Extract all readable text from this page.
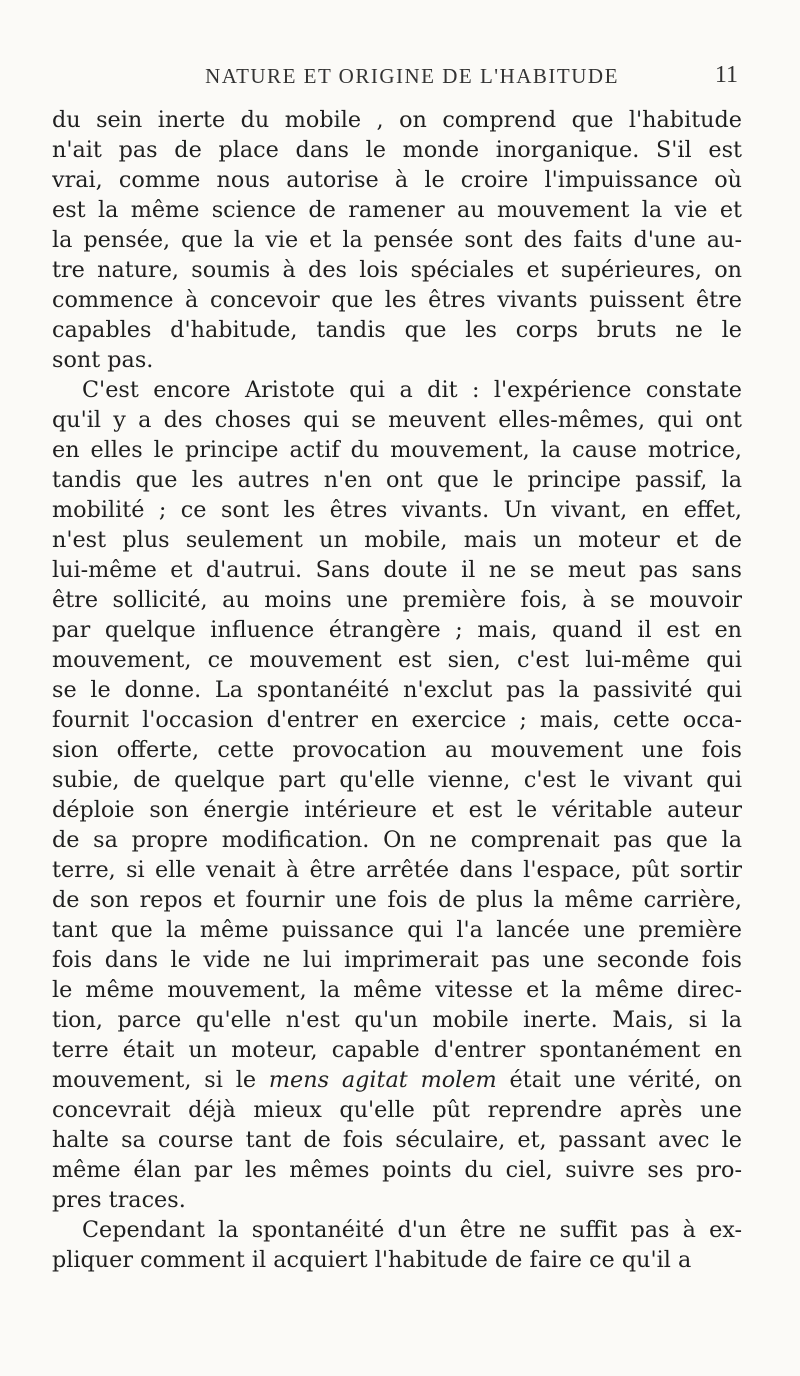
NATURE ET ORIGINE DE L'HABITUDE	11
du sein inerte du mobile , on comprend que l'habitude
n'ait pas de place dans le monde inorganique. S'il est
vrai, comme nous autorise à le croire l'impuissance où
est la même science de ramener au mouvement la vie et
la pensée, que la vie et la pensée sont des faits d'une au-
tre nature, soumis à des lois spéciales et supérieures, on
commence à concevoir que les êtres vivants puissent être
capables d'habitude, tandis que les corps bruts ne le
sont pas.
C'est encore Aristote qui a dit : l'expérience constate
qu'il y a des choses qui se meuvent elles-mêmes, qui ont
en elles le principe actif du mouvement, la cause motrice,
tandis que les autres n'en ont que le principe passif, la
mobilité ; ce sont les êtres vivants. Un vivant, en effet,
n'est plus seulement un mobile, mais un moteur et de
lui-même et d'autrui. Sans doute il ne se meut pas sans
être sollicité, au moins une première fois, à se mouvoir
par quelque influence étrangère ; mais, quand il est en
mouvement, ce mouvement est sien, c'est lui-même qui
se le donne. La spontanéité n'exclut pas la passivité qui
fournit l'occasion d'entrer en exercice ; mais, cette occa-
sion offerte, cette provocation au mouvement une fois
subie, de quelque part qu'elle vienne, c'est le vivant qui
déploie son énergie intérieure et est le véritable auteur
de sa propre modification. On ne comprenait pas que la
terre, si elle venait à être arrêtée dans l'espace, pût sortir
de son repos et fournir une fois de plus la même carrière,
tant que la même puissance qui l'a lancée une première
fois dans le vide ne lui imprimerait pas une seconde fois
le même mouvement, la même vitesse et la même direc-
tion, parce qu'elle n'est qu'un mobile inerte. Mais, si la
terre était un moteur, capable d'entrer spontanément en
mouvement, si le mens agitat molem était une vérité, on
concevrait déjà mieux qu'elle pût reprendre après une
halte sa course tant de fois séculaire, et, passant avec le
même élan par les mêmes points du ciel, suivre ses pro-
pres traces.
Cependant la spontanéité d'un être ne suffit pas à ex-
pliquer comment il acquiert l'habitude de faire ce qu'il a
